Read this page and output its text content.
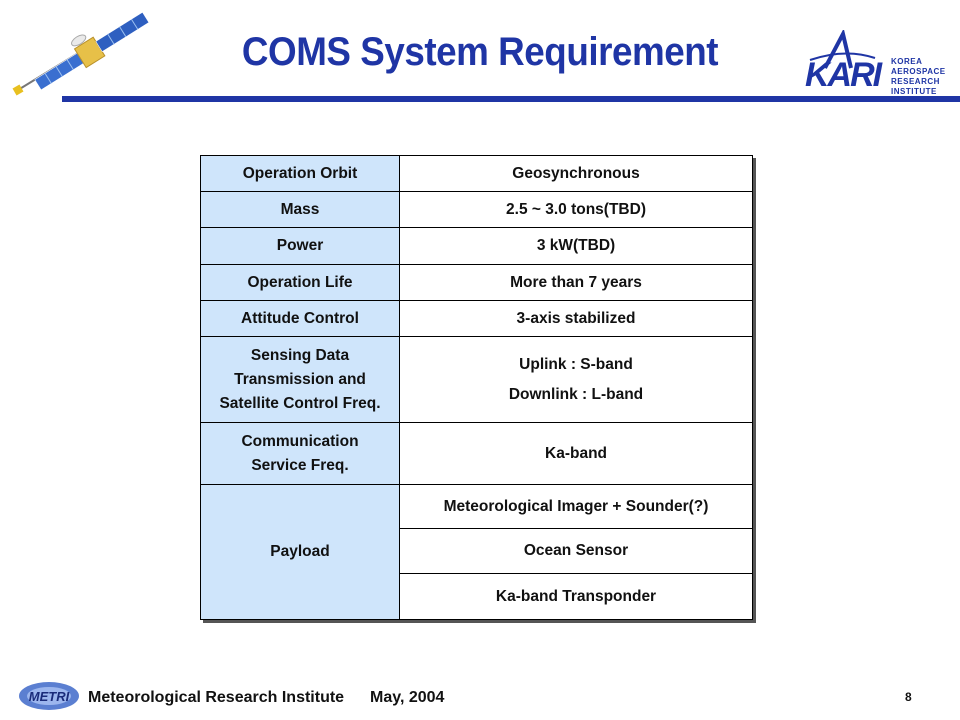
COMS System Requirement
KARI KOREA
AEROSPACE
RESEARCH INSTITUTE
Operation Orbit	Geosynchronous
Mass	2.5 ~ 3.0 tons(TBD)
Power	3 kW(TBD)
Operation Life	More than 7 years
Attitude Control	3-axis stabilized

Sensing Data
Transmission and
Satellite Control Freq.	Uplink : S-band
Downlink : L-band

Communication
Service Freq.	Ka-band
Payload	Meteorological Imager + Sounder(?)
	Ocean Sensor
	Ka-band Transponder
METRI Meteorological Research Institute May, 2004	8
